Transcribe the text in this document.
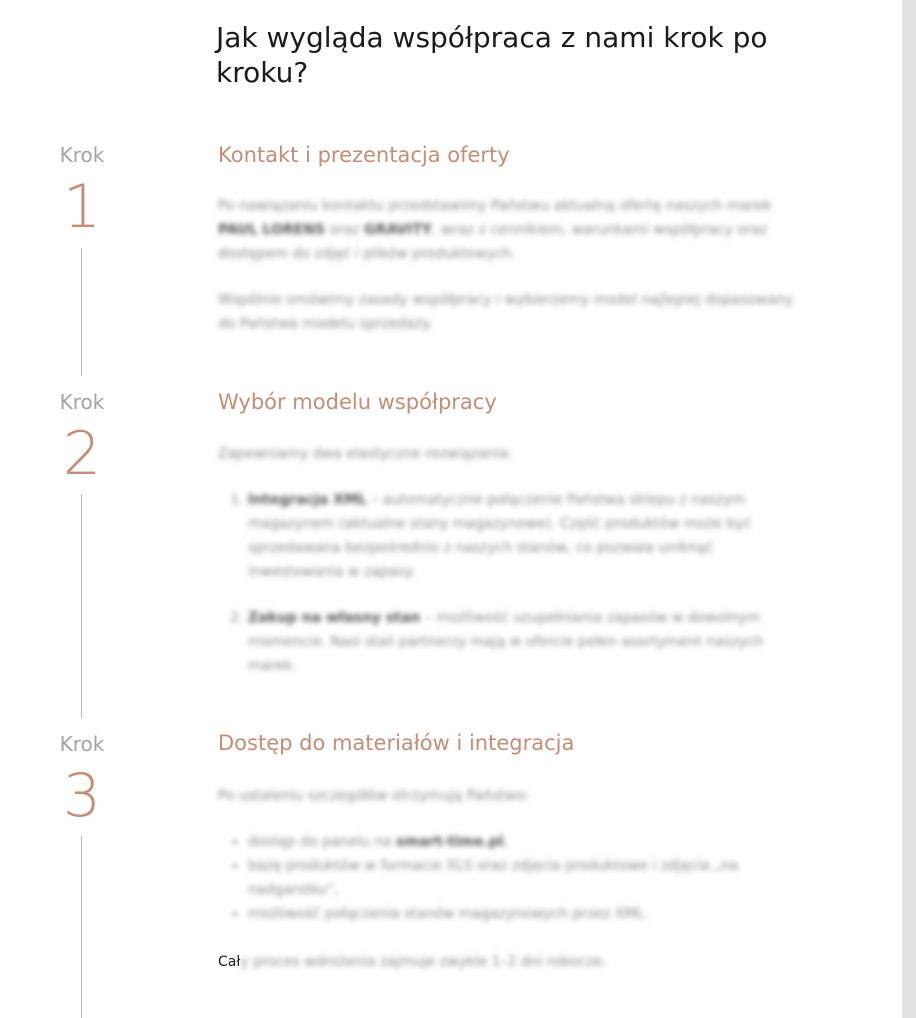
Jak wygląda współpraca z nami krok po kroku?
Krok
1
Kontakt i prezentacja oferty

Po nawiązaniu kontaktu przedstawimy Państwu aktualną ofertę naszych marek PAUL LORENS oraz GRAVITY, wraz z cennikiem, warunkami współpracy oraz dostępem do zdjęć i plików produktowych.

Wspólnie omówimy zasady współpracy i wybierzemy model najlepiej dopasowany do Państwa modelu sprzedaży.

Krok
2
Wybór modelu współpracy

Zapewniamy dwa elastyczne rozwiązania:

1. Integracja XML – automatyczne połączenie Państwa sklepu z naszym magazynem (aktualne stany magazynowe). Część produktów może być sprzedawana bezpośrednio z naszych stanów, co pozwala uniknąć inwestowania w zapasy.
2. Zakup na własny stan – możliwość uzupełniania zapasów w dowolnym momencie. Nasi stali partnerzy mają w ofercie pełen asortyment naszych marek.
Krok
3
Dostęp do materiałów i integracja

Po ustaleniu szczegółów otrzymują Państwo:

• dostęp do panelu na smart-time.pl,
• bazę produktów w formacie XLS oraz zdjęcia produktowe i zdjęcia „na nadgarstku”,
• możliwość połączenia stanów magazynowych przez XML.
Cały proces wdrożenia zajmuje zwykle 1–2 dni robocze.
